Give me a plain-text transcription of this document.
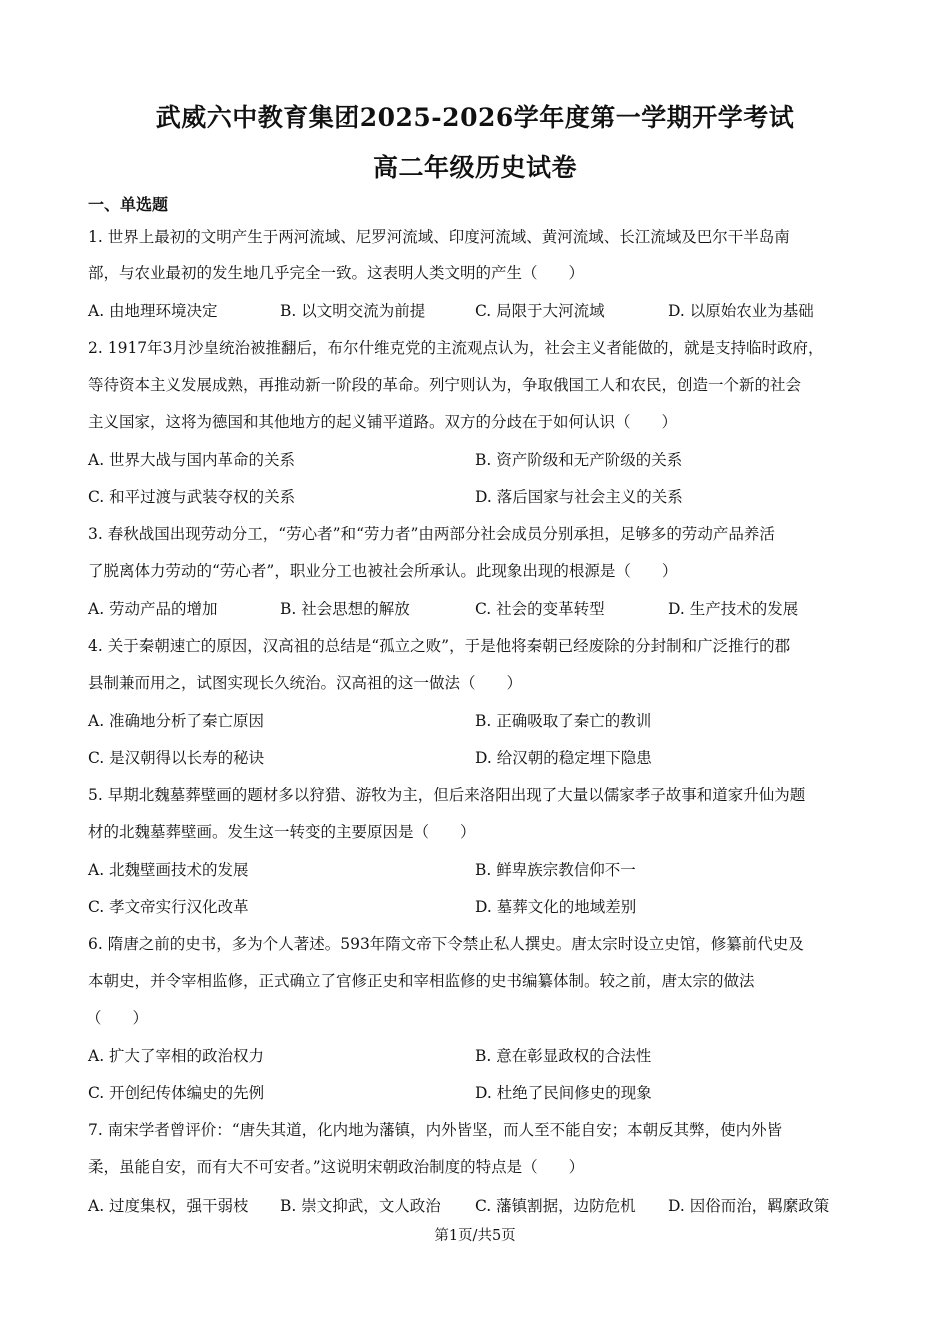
武威六中教育集团2025-2026学年度第一学期开学考试
高二年级历史试卷
一、单选题
1. 世界上最初的文明产生于两河流域、尼罗河流域、印度河流域、黄河流域、长江流域及巴尔干半岛南
部，与农业最初的发生地几乎完全一致。这表明人类文明的产生（　　）
A. 由地理环境决定	B. 以文明交流为前提	C. 局限于大河流域	D. 以原始农业为基础
2. 1917年3月沙皇统治被推翻后，布尔什维克党的主流观点认为，社会主义者能做的，就是支持临时政府，
等待资本主义发展成熟，再推动新一阶段的革命。列宁则认为，争取俄国工人和农民，创造一个新的社会
主义国家，这将为德国和其他地方的起义铺平道路。双方的分歧在于如何认识（　　）
A. 世界大战与国内革命的关系	B. 资产阶级和无产阶级的关系
C. 和平过渡与武装夺权的关系	D. 落后国家与社会主义的关系
3. 春秋战国出现劳动分工，“劳心者”和“劳力者”由两部分社会成员分别承担，足够多的劳动产品养活
了脱离体力劳动的“劳心者”，职业分工也被社会所承认。此现象出现的根源是（　　）
A. 劳动产品的增加	B. 社会思想的解放	C. 社会的变革转型	D. 生产技术的发展
4. 关于秦朝速亡的原因，汉高祖的总结是“孤立之败”，于是他将秦朝已经废除的分封制和广泛推行的郡
县制兼而用之，试图实现长久统治。汉高祖的这一做法（　　）
A. 准确地分析了秦亡原因	B. 正确吸取了秦亡的教训
C. 是汉朝得以长寿的秘诀	D. 给汉朝的稳定埋下隐患
5. 早期北魏墓葬壁画的题材多以狩猎、游牧为主，但后来洛阳出现了大量以儒家孝子故事和道家升仙为题
材的北魏墓葬壁画。发生这一转变的主要原因是（　　）
A. 北魏壁画技术的发展	B. 鲜卑族宗教信仰不一
C. 孝文帝实行汉化改革	D. 墓葬文化的地域差别
6. 隋唐之前的史书，多为个人著述。593年隋文帝下令禁止私人撰史。唐太宗时设立史馆，修纂前代史及
本朝史，并令宰相监修，正式确立了官修正史和宰相监修的史书编纂体制。较之前，唐太宗的做法
（　　）
A. 扩大了宰相的政治权力	B. 意在彰显政权的合法性
C. 开创纪传体编史的先例	D. 杜绝了民间修史的现象
7. 南宋学者曾评价：“唐失其道，化内地为藩镇，内外皆坚，而人至不能自安；本朝反其弊，使内外皆
柔，虽能自安，而有大不可安者。”这说明宋朝政治制度的特点是（　　）
A. 过度集权，强干弱枝 B. 崇文抑武，文人政治 C. 藩镇割据，边防危机 D. 因俗而治，羁縻政策
第1页/共5页
